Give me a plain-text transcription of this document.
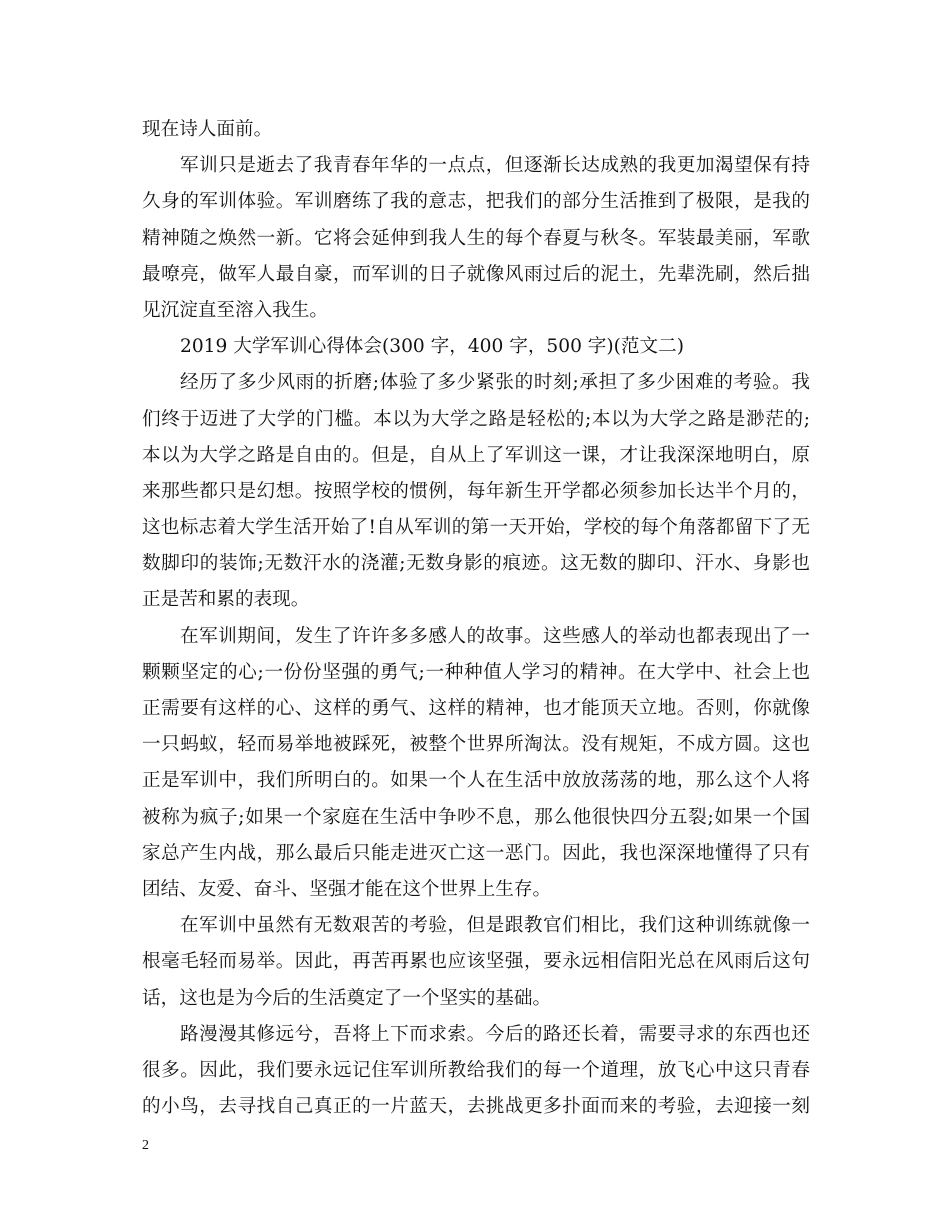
现在诗人面前。
军训只是逝去了我青春年华的一点点，但逐渐长达成熟的我更加渴望保有持
久身的军训体验。军训磨练了我的意志，把我们的部分生活推到了极限，是我的
精神随之焕然一新。它将会延伸到我人生的每个春夏与秋冬。军装最美丽，军歌
最嘹亮，做军人最自豪，而军训的日子就像风雨过后的泥土，先辈洗刷，然后拙
见沉淀直至溶入我生。
2019 大学军训心得体会(300 字，400 字，500 字)(范文二)
经历了多少风雨的折磨;体验了多少紧张的时刻;承担了多少困难的考验。我
们终于迈进了大学的门槛。本以为大学之路是轻松的;本以为大学之路是渺茫的;
本以为大学之路是自由的。但是，自从上了军训这一课，才让我深深地明白，原
来那些都只是幻想。按照学校的惯例，每年新生开学都必须参加长达半个月的，
这也标志着大学生活开始了!自从军训的第一天开始，学校的每个角落都留下了无
数脚印的装饰;无数汗水的浇灌;无数身影的痕迹。这无数的脚印、汗水、身影也
正是苦和累的表现。
在军训期间，发生了许许多多感人的故事。这些感人的举动也都表现出了一
颗颗坚定的心;一份份坚强的勇气;一种种值人学习的精神。在大学中、社会上也
正需要有这样的心、这样的勇气、这样的精神，也才能顶天立地。否则，你就像
一只蚂蚁，轻而易举地被踩死，被整个世界所淘汰。没有规矩，不成方圆。这也
正是军训中，我们所明白的。如果一个人在生活中放放荡荡的地，那么这个人将
被称为疯子;如果一个家庭在生活中争吵不息，那么他很快四分五裂;如果一个国
家总产生内战，那么最后只能走进灭亡这一恶门。因此，我也深深地懂得了只有
团结、友爱、奋斗、坚强才能在这个世界上生存。
在军训中虽然有无数艰苦的考验，但是跟教官们相比，我们这种训练就像一
根毫毛轻而易举。因此，再苦再累也应该坚强，要永远相信阳光总在风雨后这句
话，这也是为今后的生活奠定了一个坚实的基础。
路漫漫其修远兮，吾将上下而求索。今后的路还长着，需要寻求的东西也还
很多。因此，我们要永远记住军训所教给我们的每一个道理，放飞心中这只青春
的小鸟，去寻找自己真正的一片蓝天，去挑战更多扑面而来的考验，去迎接一刻
2
